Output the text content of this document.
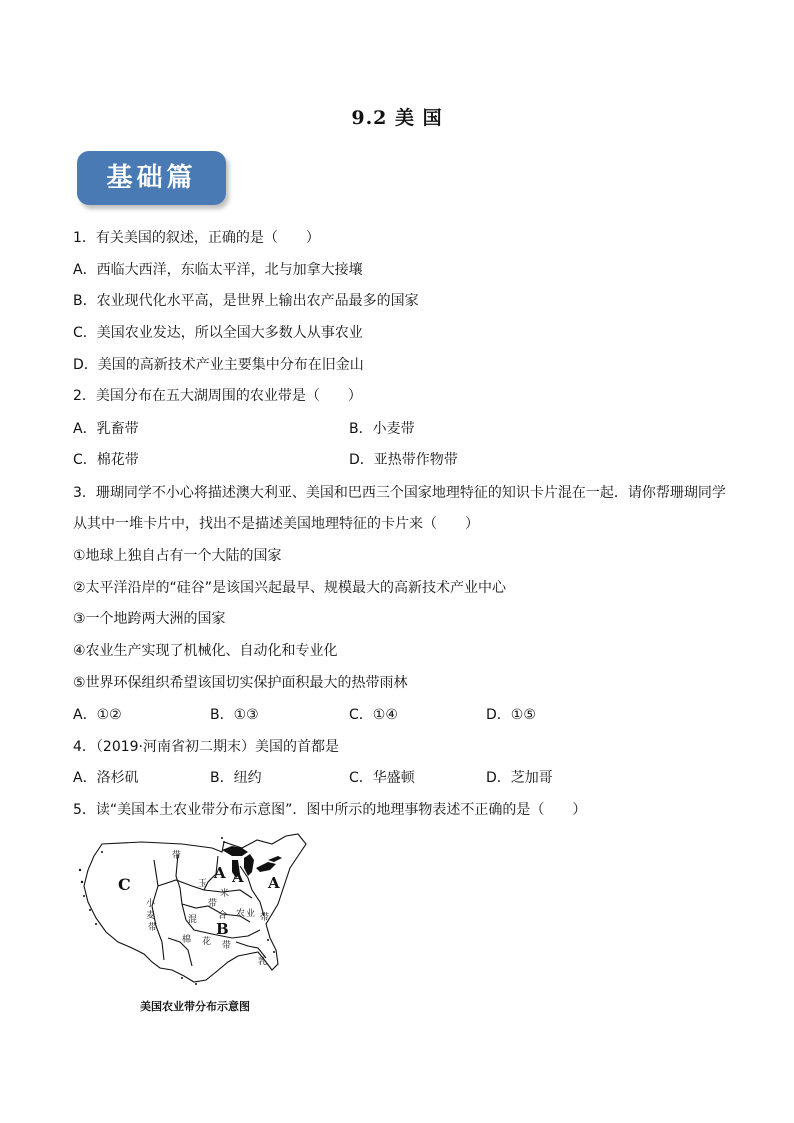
9.2 美 国
基础篇
1．有关美国的叙述，正确的是（　　）
A．西临大西洋，东临太平洋，北与加拿大接壤
B．农业现代化水平高，是世界上输出农产品最多的国家
C．美国农业发达，所以全国大多数人从事农业
D．美国的高新技术产业主要集中分布在旧金山
2．美国分布在五大湖周围的农业带是（　　）
A．乳畜带	B．小麦带
C．棉花带	D．亚热带作物带
3．珊瑚同学不小心将描述澳大利亚、美国和巴西三个国家地理特征的知识卡片混在一起．请你帮珊瑚同学
从其中一堆卡片中，找出不是描述美国地理特征的卡片来（　　）
①地球上独自占有一个大陆的国家
②太平洋沿岸的“硅谷”是该国兴起最早、规模最大的高新技术产业中心
③一个地跨两大洲的国家
④农业生产实现了机械化、自动化和专业化
⑤世界环保组织希望该国切实保护面积最大的热带雨林
A．①②	B．①③	C．①④	D．①⑤
4．（2019·河南省初二期末）美国的首都是
A．洛杉矶	B．纽约	C．华盛顿	D．芝加哥
5．读“美国本土农业带分布示意图”．图中所示的地理事物表述不正确的是（　　）
C
A A A
B
小
麦
带
玉
米
带
混 合 农 业 带
棉 花 带
乳
带
美国农业带分布示意图
